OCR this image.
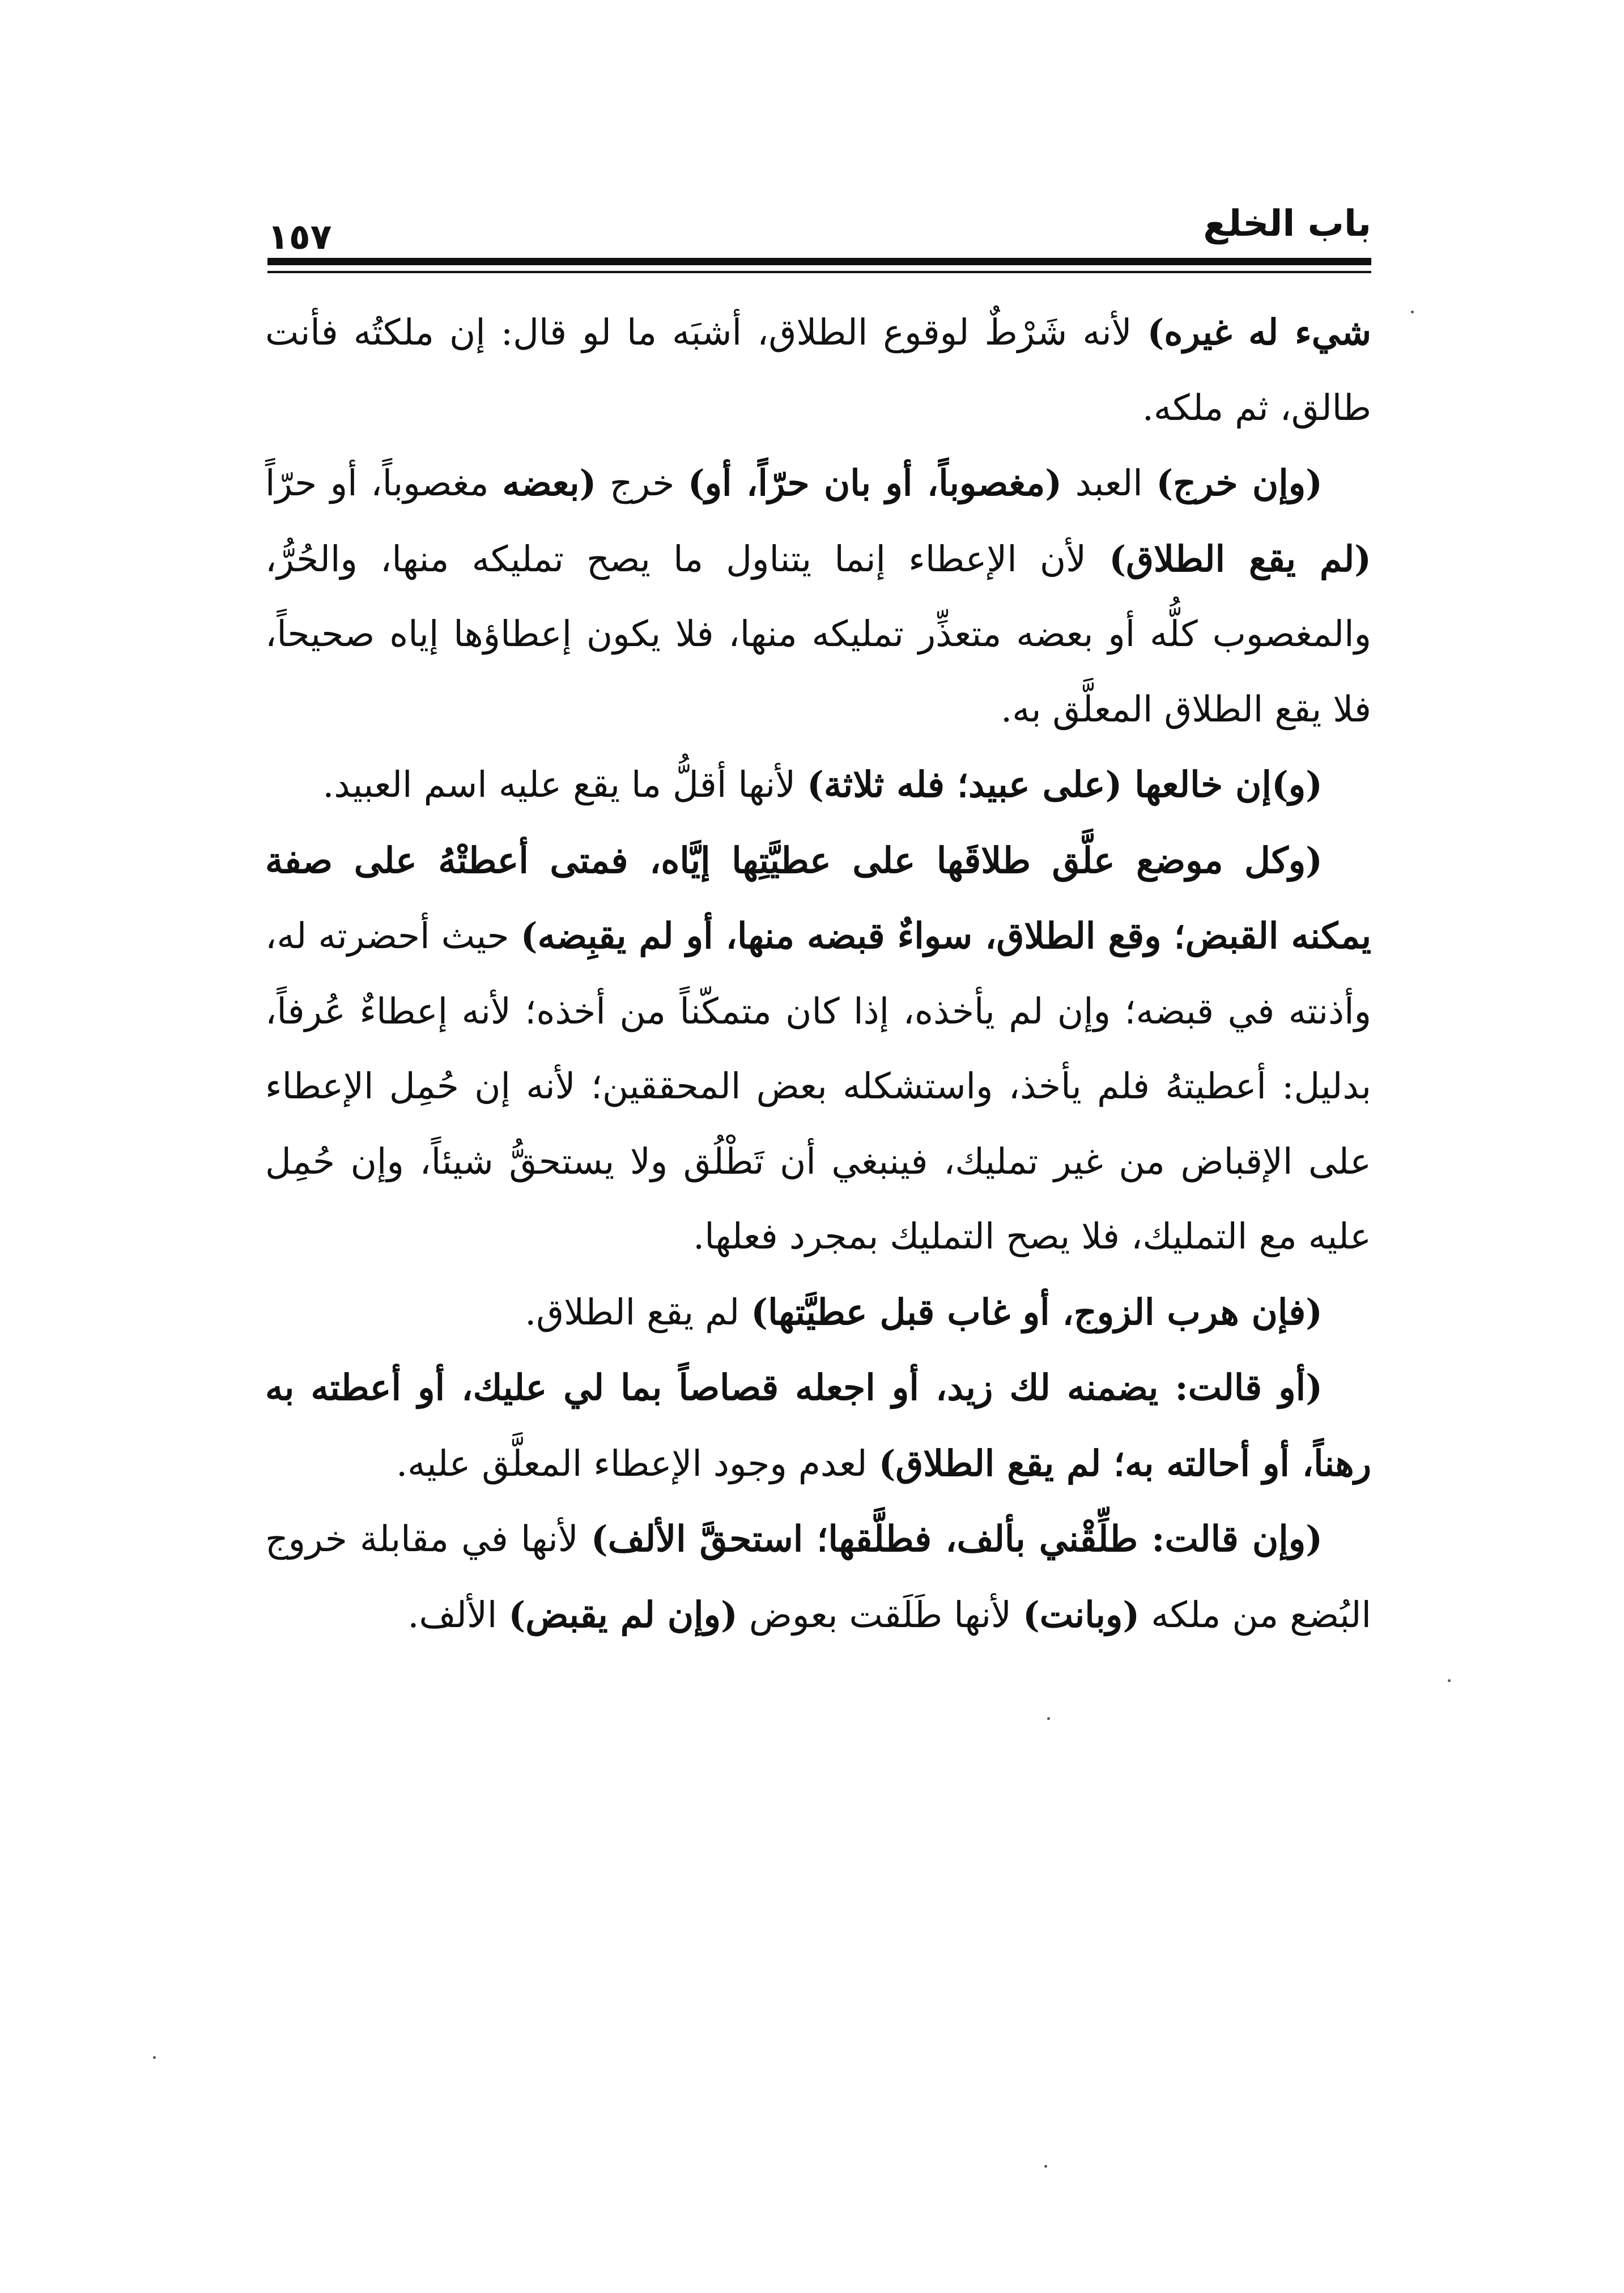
باب الخلع
١٥٧

شيء له غيره) لأنه شَرْطٌ لوقوع الطلاق، أشبَه ما لو قال: إن ملكتُه فأنت طالق، ثم ملكه.

(وإن خرج) العبد (مغصوباً، أو بان حرّاً، أو) خرج (بعضه مغصوباً، أو حرّاً (لم يقع الطلاق) لأن الإعطاء إنما يتناول ما يصح تمليكه منها، والحُرُّ، والمغصوب كلُّه أو بعضه متعذِّر تمليكه منها، فلا يكون إعطاؤها إياه صحيحاً، فلا يقع الطلاق المعلَّق به.

(و)إن خالعها (على عبيد؛ فله ثلاثة) لأنها أقلُّ ما يقع عليه اسم العبيد.

(وكل موضع علَّق طلاقَها على عطيَّتِها إيَّاه، فمتى أعطتْهُ على صفة يمكنه القبض؛ وقع الطلاق، سواءٌ قبضه منها، أو لم يقبِضه) حيث أحضرته له، وأذنته في قبضه؛ وإن لم يأخذه، إذا كان متمكّناً من أخذه؛ لأنه إعطاءٌ عُرفاً، بدليل: أعطيتهُ فلم يأخذ، واستشكله بعض المحققين؛ لأنه إن حُمِل الإعطاء على الإقباض من غير تمليك، فينبغي أن تَطْلُق ولا يستحقُّ شيئاً، وإن حُمِل عليه مع التمليك، فلا يصح التمليك بمجرد فعلها.

(فإن هرب الزوج، أو غاب قبل عطيَّتها) لم يقع الطلاق.

(أو قالت: يضمنه لك زيد، أو اجعله قصاصاً بما لي عليك، أو أعطته به رهناً، أو أحالته به؛ لم يقع الطلاق) لعدم وجود الإعطاء المعلَّق عليه.

(وإن قالت: طلِّقْني بألف، فطلَّقها؛ استحقَّ الألف) لأنها في مقابلة خروج البُضع من ملكه (وبانت) لأنها طَلَقت بعوض (وإن لم يقبض) الألف.
